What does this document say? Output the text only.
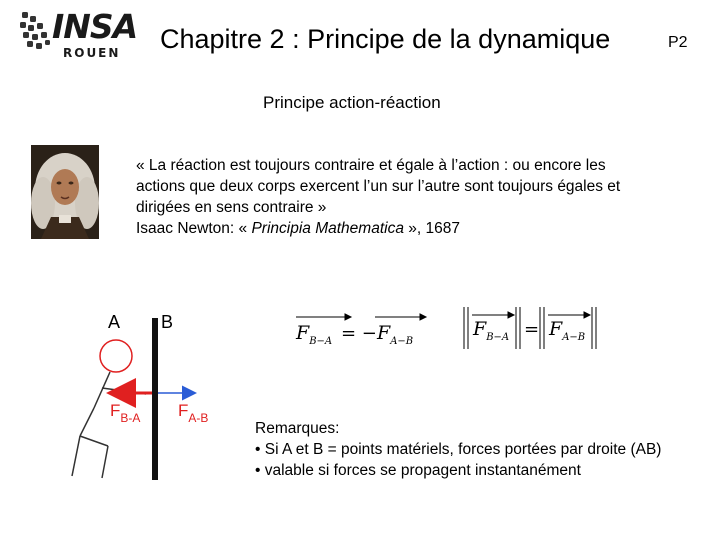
INSA
ROUEN Chapitre 2 : Principe de la dynamique	P2
Principe action-réaction

« La réaction est toujours contraire et égale à l’action : ou encore les

actions que deux corps exercent l’un sur l’autre sont toujours égales et

dirigées en sens contraire »

Isaac Newton: « Principia Mathematica », 1687

A B
$F_{B-A}$ $F_{A-B}$
$F_{B-A}$ = − $F_{A-B}$
$F_{B-A} = F_{A-B}$

Remarques:

• Si A et B = points matériels, forces portées par droite (AB)

• valable si forces se propagent instantanément
